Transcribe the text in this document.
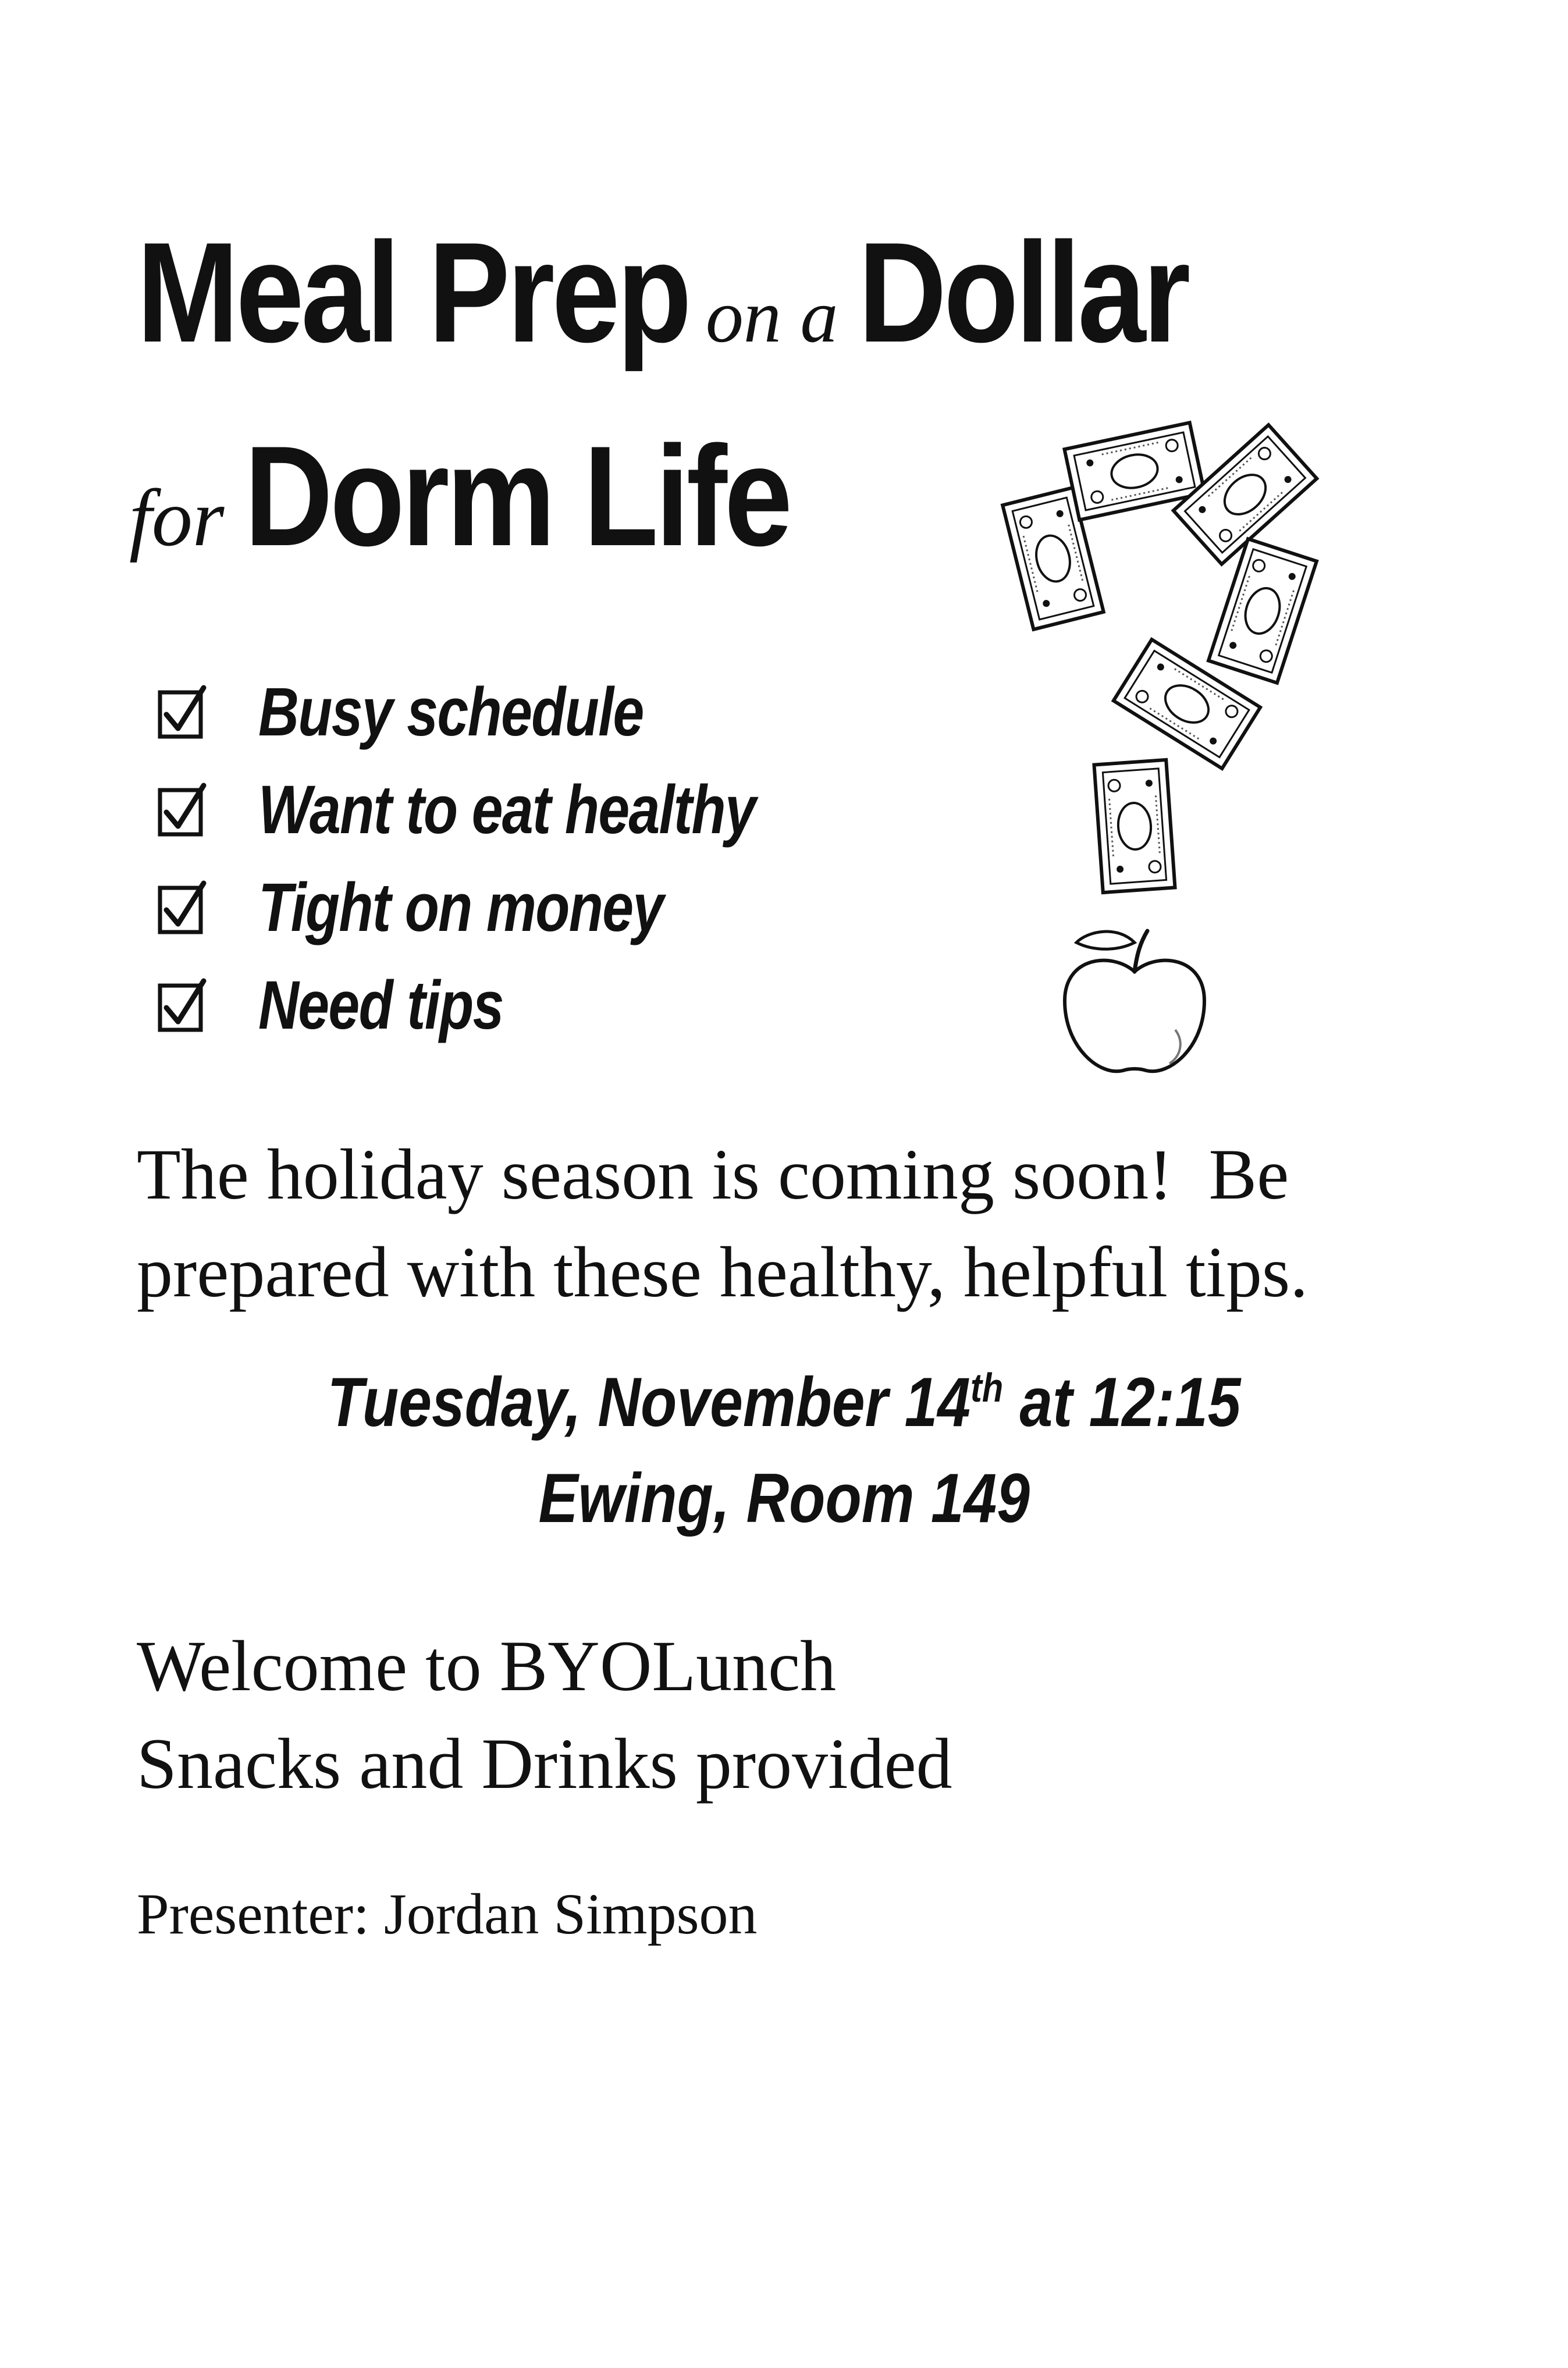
Meal Prep on a Dollar
for Dorm Life
Busy schedule
Want to eat healthy
Tight on money
Need tips
The holiday season is coming soon!  Be
prepared with these healthy, helpful tips.
Tuesday, November 14th at 12:15
Ewing, Room 149
Welcome to BYOLunch
Snacks and Drinks provided
Presenter: Jordan Simpson
